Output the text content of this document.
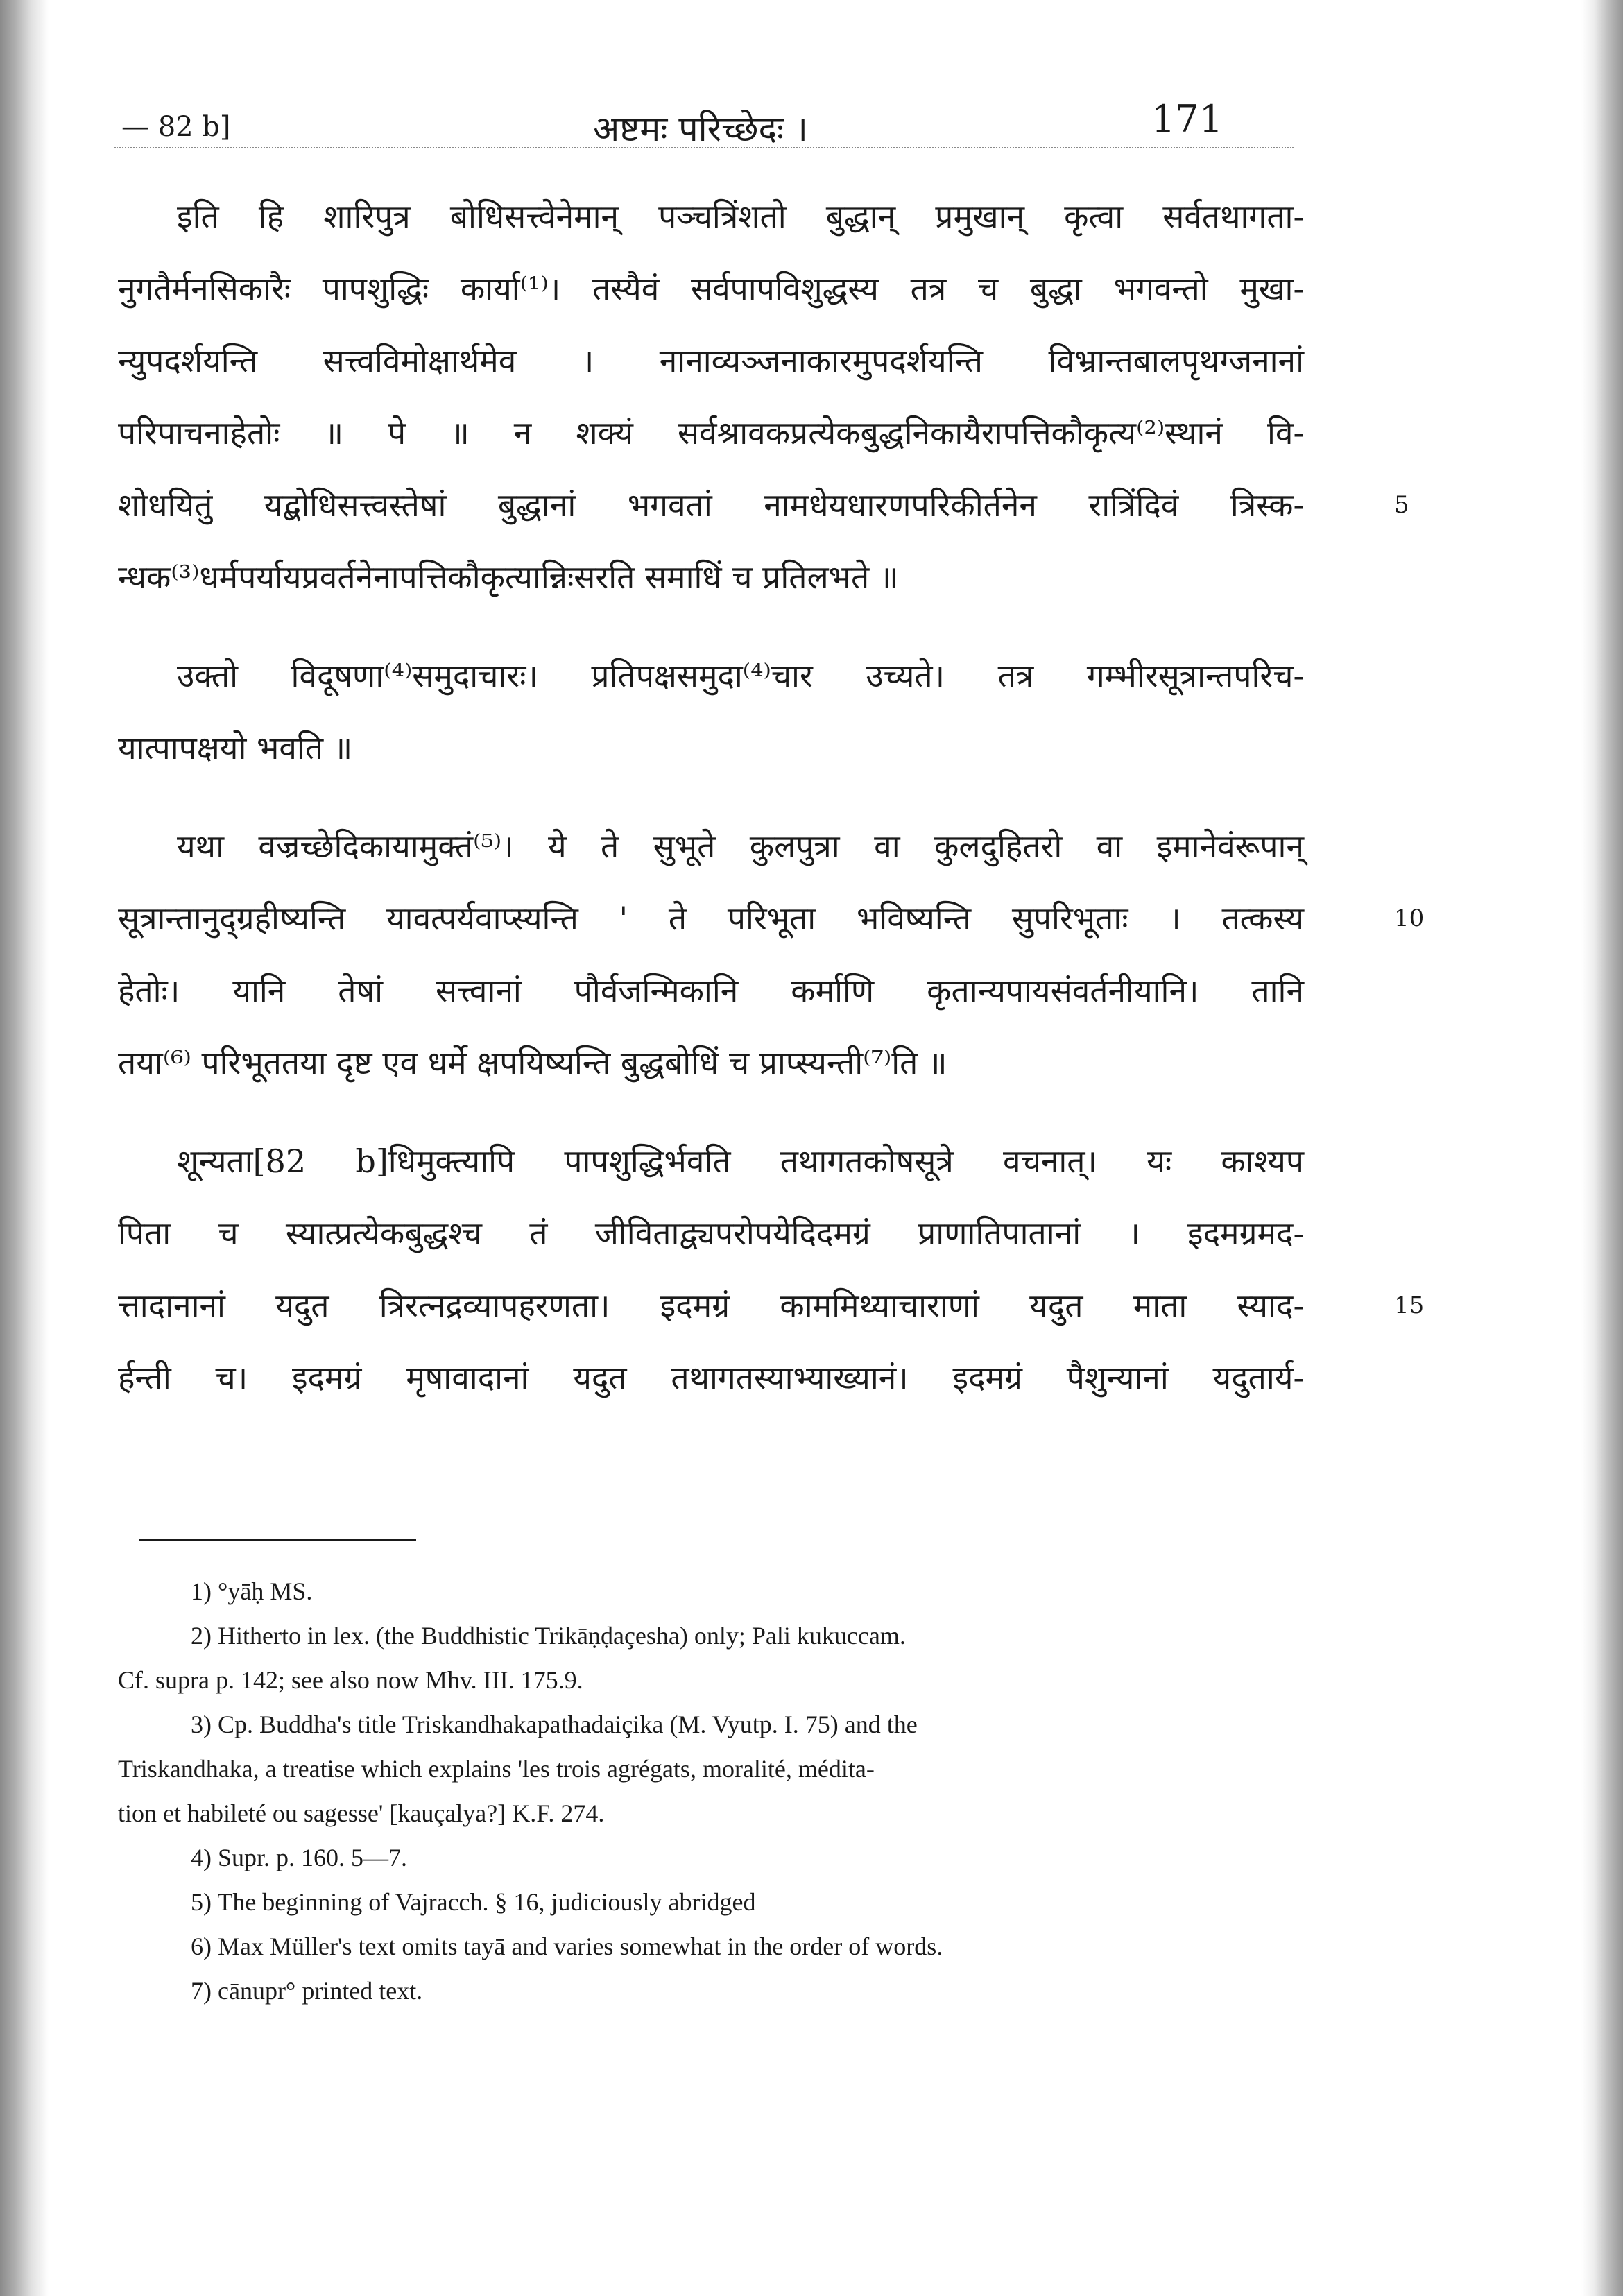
— 82 b]	अष्टमः परिच्छेदः ।	171
इति हि शारिपुत्र बोधिसत्त्वेनेमान् पञ्चत्रिंशतो बुद्धान् प्रमुखान् कृत्वा सर्वतथागता-
नुगतैर्मनसिकारैः पापशुद्धिः कार्या⁽¹⁾। तस्यैवं सर्वपापविशुद्धस्य तत्र च बुद्धा भगवन्तो मुखा-
न्युपदर्शयन्ति सत्त्वविमोक्षार्थमेव । नानाव्यञ्जनाकारमुपदर्शयन्ति विभ्रान्तबालपृथग्जनानां
परिपाचनाहेतोः ॥ पे ॥ न शक्यं सर्वश्रावकप्रत्येकबुद्धनिकायैरापत्तिकौकृत्य⁽²⁾स्थानं वि-
शोधयितुं यद्बोधिसत्त्वस्तेषां बुद्धानां भगवतां नामधेयधारणपरिकीर्तनेन रात्रिंदिवं त्रिस्क-	5
न्धक⁽³⁾धर्मपर्यायप्रवर्तनेनापत्तिकौकृत्यान्निःसरति समाधिं च प्रतिलभते ॥
उक्तो विदूषणा⁽⁴⁾समुदाचारः। प्रतिपक्षसमुदा⁽⁴⁾चार उच्यते। तत्र गम्भीरसूत्रान्तपरिच-
यात्पापक्षयो भवति ॥
यथा वज्रच्छेदिकायामुक्तं⁽⁵⁾। ये ते सुभूते कुलपुत्रा वा कुलदुहितरो वा इमानेवंरूपान्
सूत्रान्तानुद्ग्रहीष्यन्ति यावत्पर्यवाप्स्यन्ति ' ते परिभूता भविष्यन्ति सुपरिभूताः । तत्कस्य	10
हेतोः। यानि तेषां सत्त्वानां पौर्वजन्मिकानि कर्माणि कृतान्यपायसंवर्तनीयानि। तानि
तया⁽⁶⁾ परिभूततया दृष्ट एव धर्मे क्षपयिष्यन्ति बुद्धबोधिं च प्राप्स्यन्ती⁽⁷⁾ति ॥
शून्यता[82 b]धिमुक्त्यापि पापशुद्धिर्भवति तथागतकोषसूत्रे वचनात्। यः काश्यप
पिता च स्यात्प्रत्येकबुद्धश्च तं जीविताद्व्यपरोपयेदिदमग्रं प्राणातिपातानां । इदमग्रमद-
त्तादानानां यदुत त्रिरत्नद्रव्यापहरणता। इदमग्रं काममिथ्याचाराणां यदुत माता स्याद-	15
र्हन्ती च। इदमग्रं मृषावादानां यदुत तथागतस्याभ्याख्यानं। इदमग्रं पैशुन्यानां यदुतार्य-
1) °yāḥ MS.
2) Hitherto in lex. (the Buddhistic Trikāṇḍaçesha) only; Pali kukuccam.
Cf. supra p. 142; see also now Mhv. III. 175.9.
3) Cp. Buddha's title Triskandhakapathadaiçika (M. Vyutp. I. 75) and the
Triskandhaka, a treatise which explains 'les trois agrégats, moralité, médita-
tion et habileté ou sagesse' [kauçalya?] K.F. 274.
4) Supr. p. 160. 5—7.
5) The beginning of Vajracch. § 16, judiciously abridged
6) Max Müller's text omits tayā and varies somewhat in the order of words.
7) cānupr° printed text.
